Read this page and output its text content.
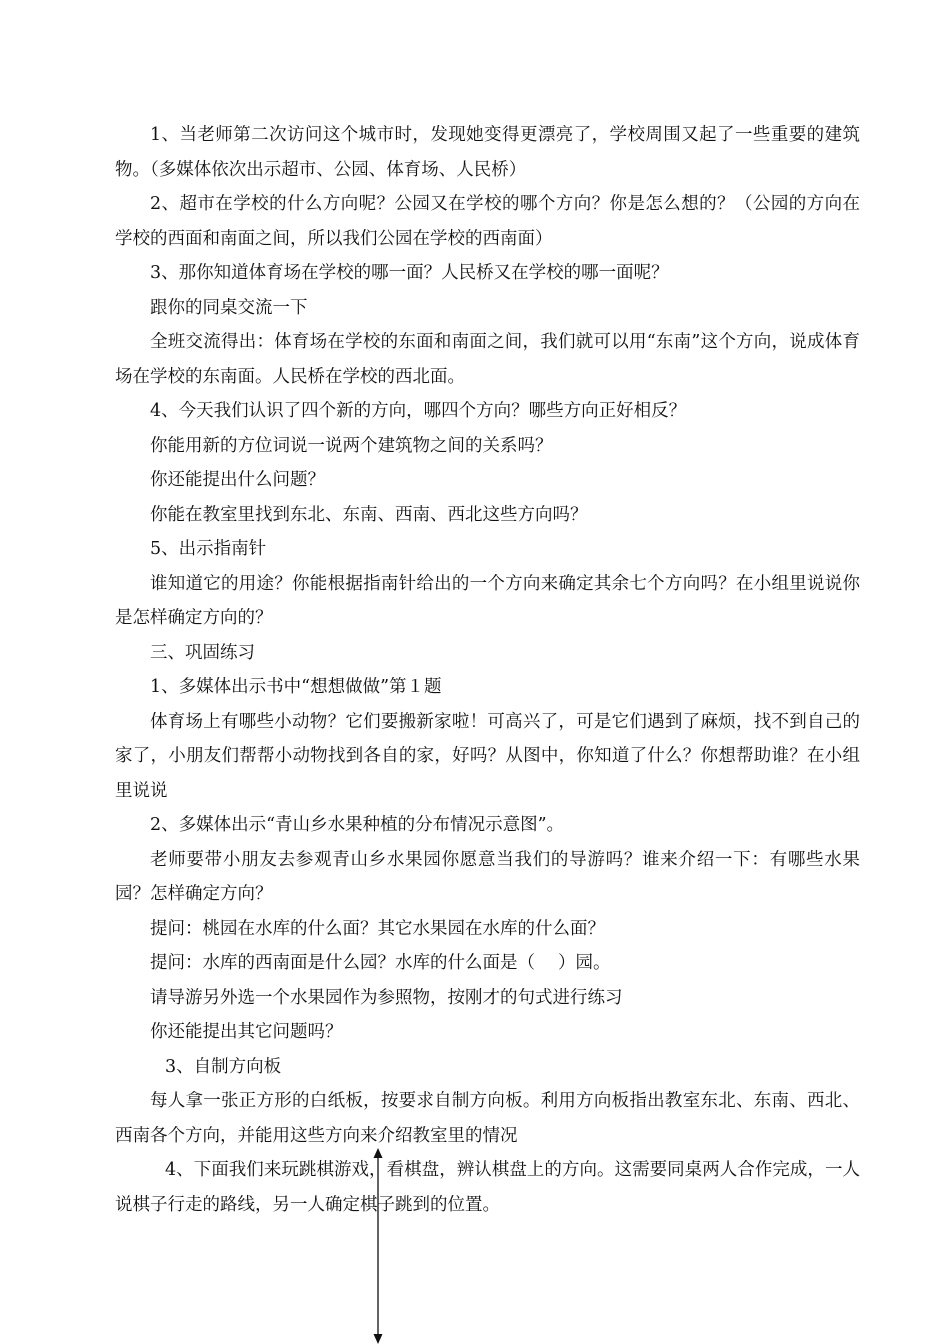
1、当老师第二次访问这个城市时，发现她变得更漂亮了，学校周围又起了一些重要的建筑物。（多媒体依次出示超市、公园、体育场、人民桥）

2、超市在学校的什么方向呢？公园又在学校的哪个方向？你是怎么想的？（公园的方向在学校的西面和南面之间，所以我们公园在学校的西南面）

3、那你知道体育场在学校的哪一面？人民桥又在学校的哪一面呢？

跟你的同桌交流一下

全班交流得出：体育场在学校的东面和南面之间，我们就可以用“东南”这个方向，说成体育场在学校的东南面。人民桥在学校的西北面。

4、今天我们认识了四个新的方向，哪四个方向？哪些方向正好相反？

你能用新的方位词说一说两个建筑物之间的关系吗？

你还能提出什么问题？

你能在教室里找到东北、东南、西南、西北这些方向吗？

5、出示指南针

谁知道它的用途？你能根据指南针给出的一个方向来确定其余七个方向吗？在小组里说说你是怎样确定方向的？

三、巩固练习

1、多媒体出示书中“想想做做”第１题

体育场上有哪些小动物？它们要搬新家啦！可高兴了，可是它们遇到了麻烦，找不到自己的家了，小朋友们帮帮小动物找到各自的家，好吗？从图中，你知道了什么？你想帮助谁？在小组里说说

2、多媒体出示“青山乡水果种植的分布情况示意图”。

老师要带小朋友去参观青山乡水果园你愿意当我们的导游吗？谁来介绍一下：有哪些水果园？怎样确定方向？

提问：桃园在水库的什么面？其它水果园在水库的什么面？

提问：水库的西南面是什么园？水库的什么面是（　 ）园。

请导游另外选一个水果园作为参照物，按刚才的句式进行练习

你还能提出其它问题吗？

3、自制方向板

每人拿一张正方形的白纸板，按要求自制方向板。利用方向板指出教室东北、东南、西北、西南各个方向，并能用这些方向来介绍教室里的情况

4、下面我们来玩跳棋游戏，看棋盘，辨认棋盘上的方向。这需要同桌两人合作完成，一人说棋子行走的路线，另一人确定棋子跳到的位置。
